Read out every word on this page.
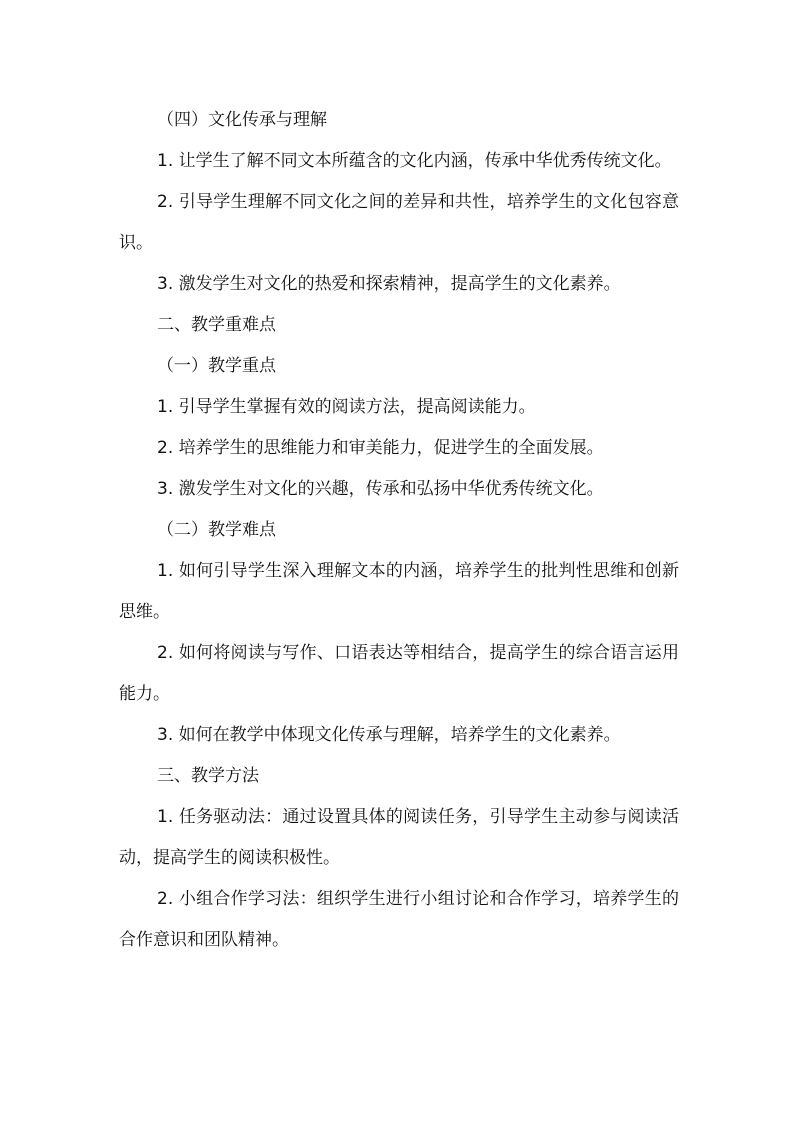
（四）文化传承与理解

1. 让学生了解不同文本所蕴含的文化内涵，传承中华优秀传统文化。

2. 引导学生理解不同文化之间的差异和共性，培养学生的文化包容意识。

3. 激发学生对文化的热爱和探索精神，提高学生的文化素养。

二、教学重难点

（一）教学重点

1. 引导学生掌握有效的阅读方法，提高阅读能力。

2. 培养学生的思维能力和审美能力，促进学生的全面发展。

3. 激发学生对文化的兴趣，传承和弘扬中华优秀传统文化。

（二）教学难点

1. 如何引导学生深入理解文本的内涵，培养学生的批判性思维和创新思维。

2. 如何将阅读与写作、口语表达等相结合，提高学生的综合语言运用能力。

3. 如何在教学中体现文化传承与理解，培养学生的文化素养。

三、教学方法

1. 任务驱动法：通过设置具体的阅读任务，引导学生主动参与阅读活动，提高学生的阅读积极性。

2. 小组合作学习法：组织学生进行小组讨论和合作学习，培养学生的合作意识和团队精神。
